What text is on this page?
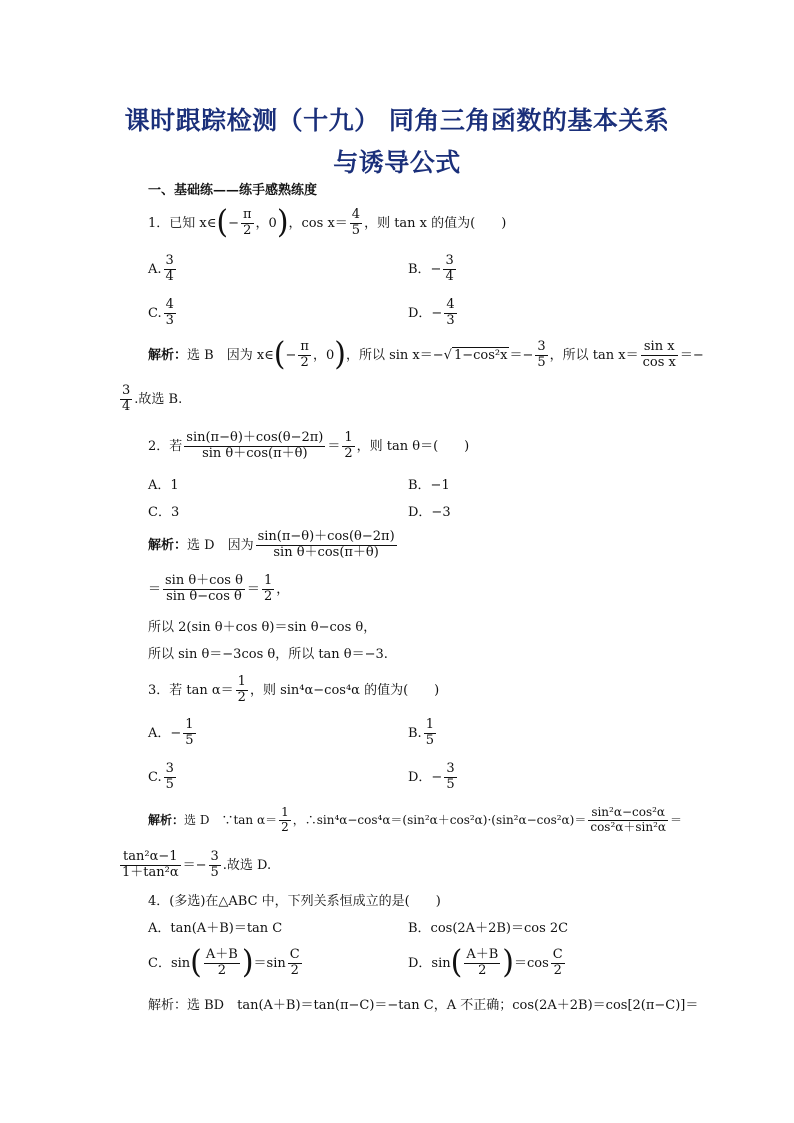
课时跟踪检测（十九） 同角三角函数的基本关系
与诱导公式
一、基础练——练手感熟练度
1．已知 x∈(− $\frac{\pi}{2}$ ，0)，$\cos x= \frac{4}{5}$ ，则 tan x 的值为(　　)
A. $\frac{3}{4}$	B．− $\frac{3}{4}$
C. $\frac{4}{3}$	D．− $\frac{4}{3}$
解析：选 B　因为 x∈(− $\frac{\pi}{2}$ ，0)，所以 sin x＝−√ $1-\cos^2x =- \frac{3}{5}$ ，所以 $\tan x= \frac{\text{sin x}}{\text{cos x}}$ ＝−
$\frac{3}{4}$ .故选 B.
2．若 $\frac{\sin(\pi-\theta)+\cos(\theta-2\pi)}{\text{sin θ＋cos(π＋θ)}} = \frac{1}{2}$ ，则 tan θ＝(　　)
A．1	B．−1
C．3	D．−3
解析：选 D　因为 $\frac{\sin(\pi-\theta)+\cos(\theta-2\pi)}{\text{sin θ＋cos(π＋θ)}}$
＝ $\frac{\text{sin θ＋cos θ}}{\text{sin θ−cos θ}} = \frac{1}{2}$ ，
所以 2(sin θ＋cos θ)＝sin θ−cos θ，
所以 sin θ＝−3cos θ，所以 tan θ＝−3.
3．若 $\tan \alpha= \frac{1}{2}$ ，则 sin⁴α−cos⁴α 的值为(　　)
A．− $\frac{1}{5}$	B. $\frac{1}{5}$
C. $\frac{3}{5}$	D．− $\frac{3}{5}$
解析：选 D　∵tan $\alpha= \frac{1}{2}$ ，∴sin⁴α−cos⁴α＝(sin²α＋cos²α)·(sin²α−cos²α)＝ $\frac{\text{sin²α−cos²α}}{\text{cos²α＋sin²α}}$ ＝
$\frac{\text{tan²α−1}}{\text{1＋tan²α}} =- \frac{3}{5}$ .故选 D.
4．(多选)在△ABC 中，下列关系恒成立的是(　　)
A．tan(A＋B)＝tan C	B．cos(2A＋2B)＝cos 2C
C．$\sin( \frac{A+B}{2} )=\sin \frac{C}{2}$	D．$\sin( \frac{A+B}{2} )=\cos \frac{C}{2}$
解析：选 BD　tan(A＋B)＝tan(π−C)＝−tan C，A 不正确；cos(2A＋2B)＝cos[2(π−C)]＝
